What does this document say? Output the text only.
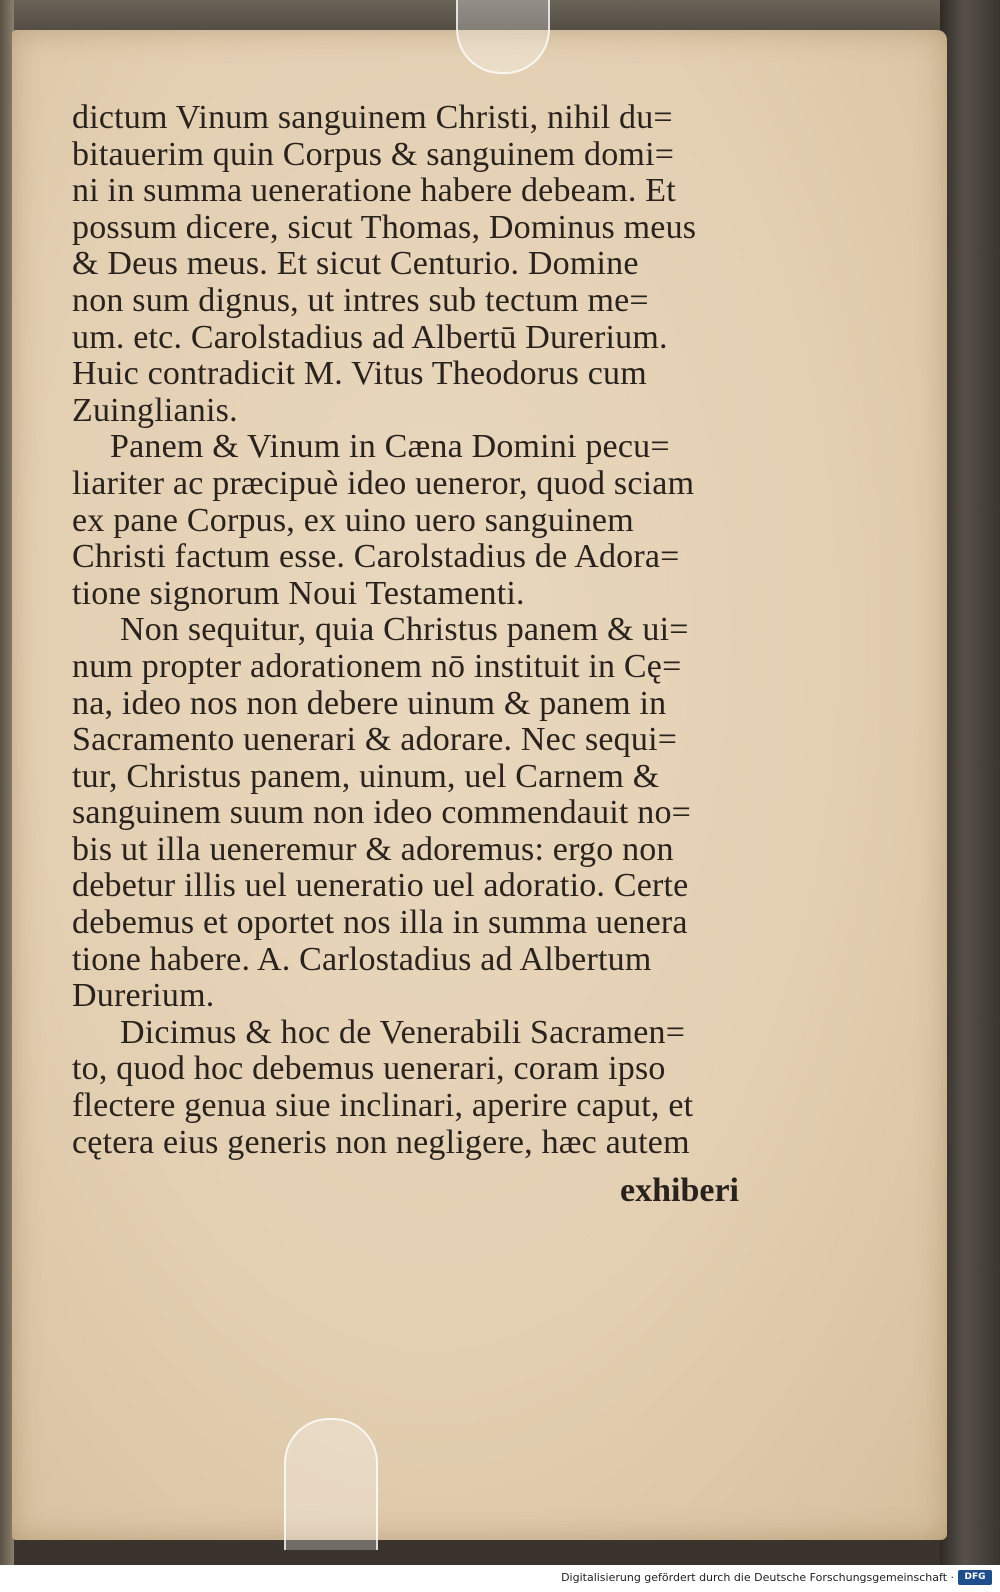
dictum Vinum sanguinem Christi, nihil du=
bitauerim quin Corpus & sanguinem domi=
ni in summa ueneratione habere debeam. Et
possum dicere, sicut Thomas, Dominus meus
& Deus meus. Et sicut Centurio. Domine
non sum dignus, ut intres sub tectum me=
um. etc. Carolstadius ad Albertū Durerium.
Huic contradicit M. Vitus Theodorus cum
Zuinglianis.
Panem & Vinum in Cæna Domini pecu=
liariter ac præcipuè ideo ueneror, quod sciam
ex pane Corpus, ex uino uero sanguinem
Christi factum esse. Carolstadius de Adora=
tione signorum Noui Testamenti.
Non sequitur, quia Christus panem & ui=
num propter adorationem nō instituit in Cę=
na, ideo nos non debere uinum & panem in
Sacramento uenerari & adorare. Nec sequi=
tur, Christus panem, uinum, uel Carnem &
sanguinem suum non ideo commendauit no=
bis ut illa ueneremur & adoremus: ergo non
debetur illis uel ueneratio uel adoratio. Certe
debemus et oportet nos illa in summa uenera
tione habere. A. Carlostadius ad Albertum
Durerium.
Dicimus & hoc de Venerabili Sacramen=
to, quod hoc debemus uenerari, coram ipso
flectere genua siue inclinari, aperire caput, et
cętera eius generis non negligere, hæc autem
exhiberi
Digitalisierung gefördert durch die Deutsche Forschungsgemeinschaft ·	DFG
